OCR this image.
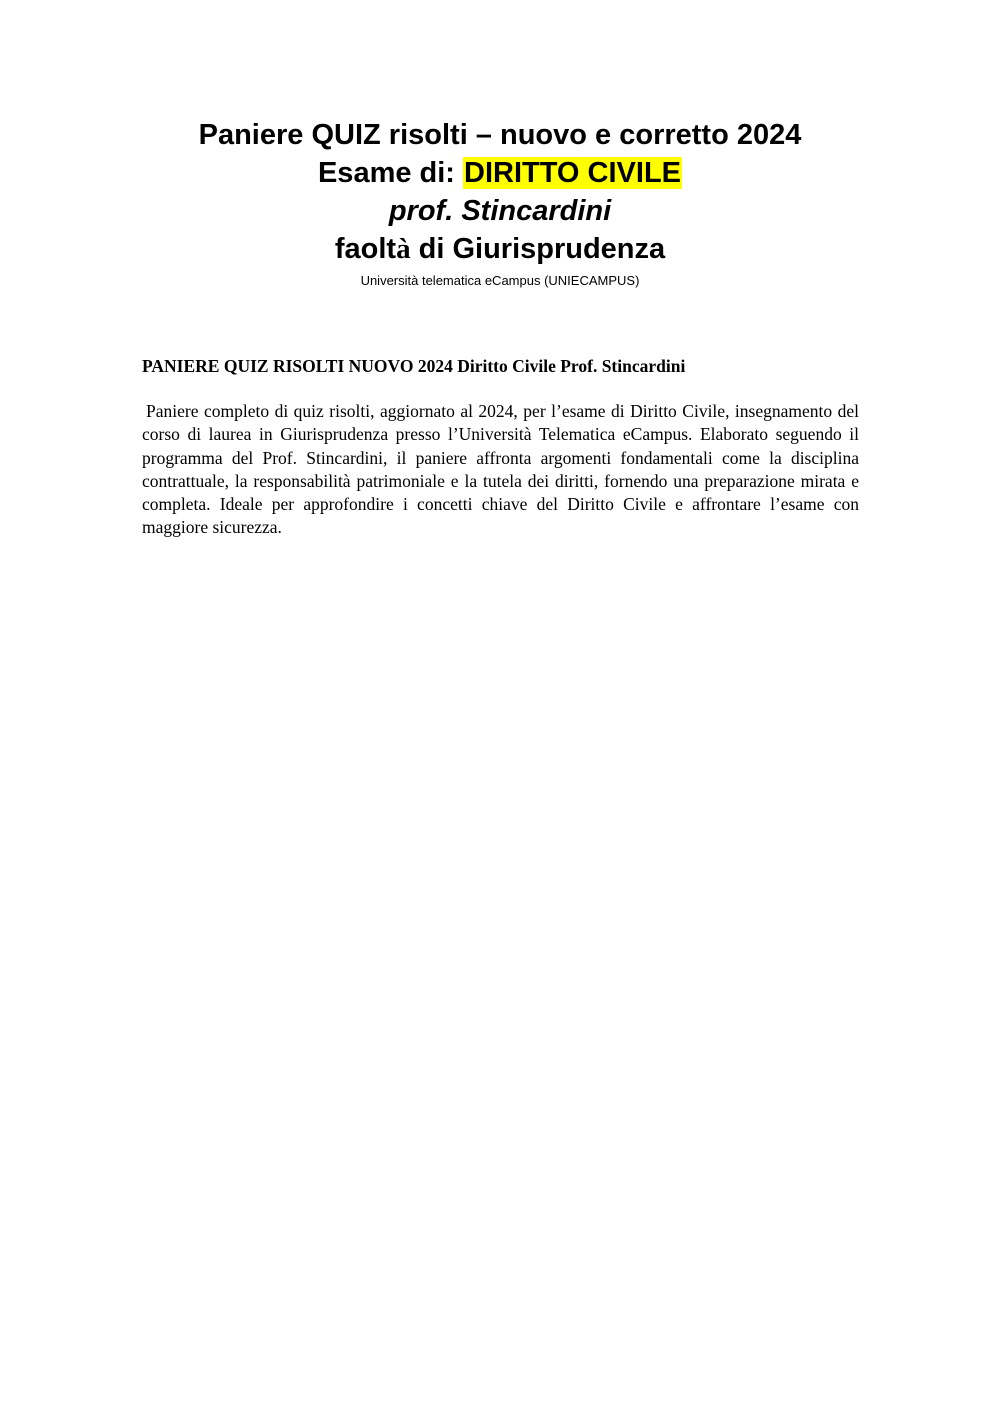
Paniere QUIZ risolti – nuovo e corretto 2024
Esame di: DIRITTO CIVILE
prof. Stincardini
faoltà di Giurisprudenza
Università telematica eCampus (UNIECAMPUS)
PANIERE QUIZ RISOLTI NUOVO 2024 Diritto Civile Prof. Stincardini

Paniere completo di quiz risolti, aggiornato al 2024, per l’esame di Diritto Civile, insegnamento del corso di laurea in Giurisprudenza presso l’Università Telematica eCampus. Elaborato seguendo il programma del Prof. Stincardini, il paniere affronta argomenti fondamentali come la disciplina contrattuale, la responsabilità patrimoniale e la tutela dei diritti, fornendo una preparazione mirata e completa. Ideale per approfondire i concetti chiave del Diritto Civile e affrontare l’esame con maggiore sicurezza.
